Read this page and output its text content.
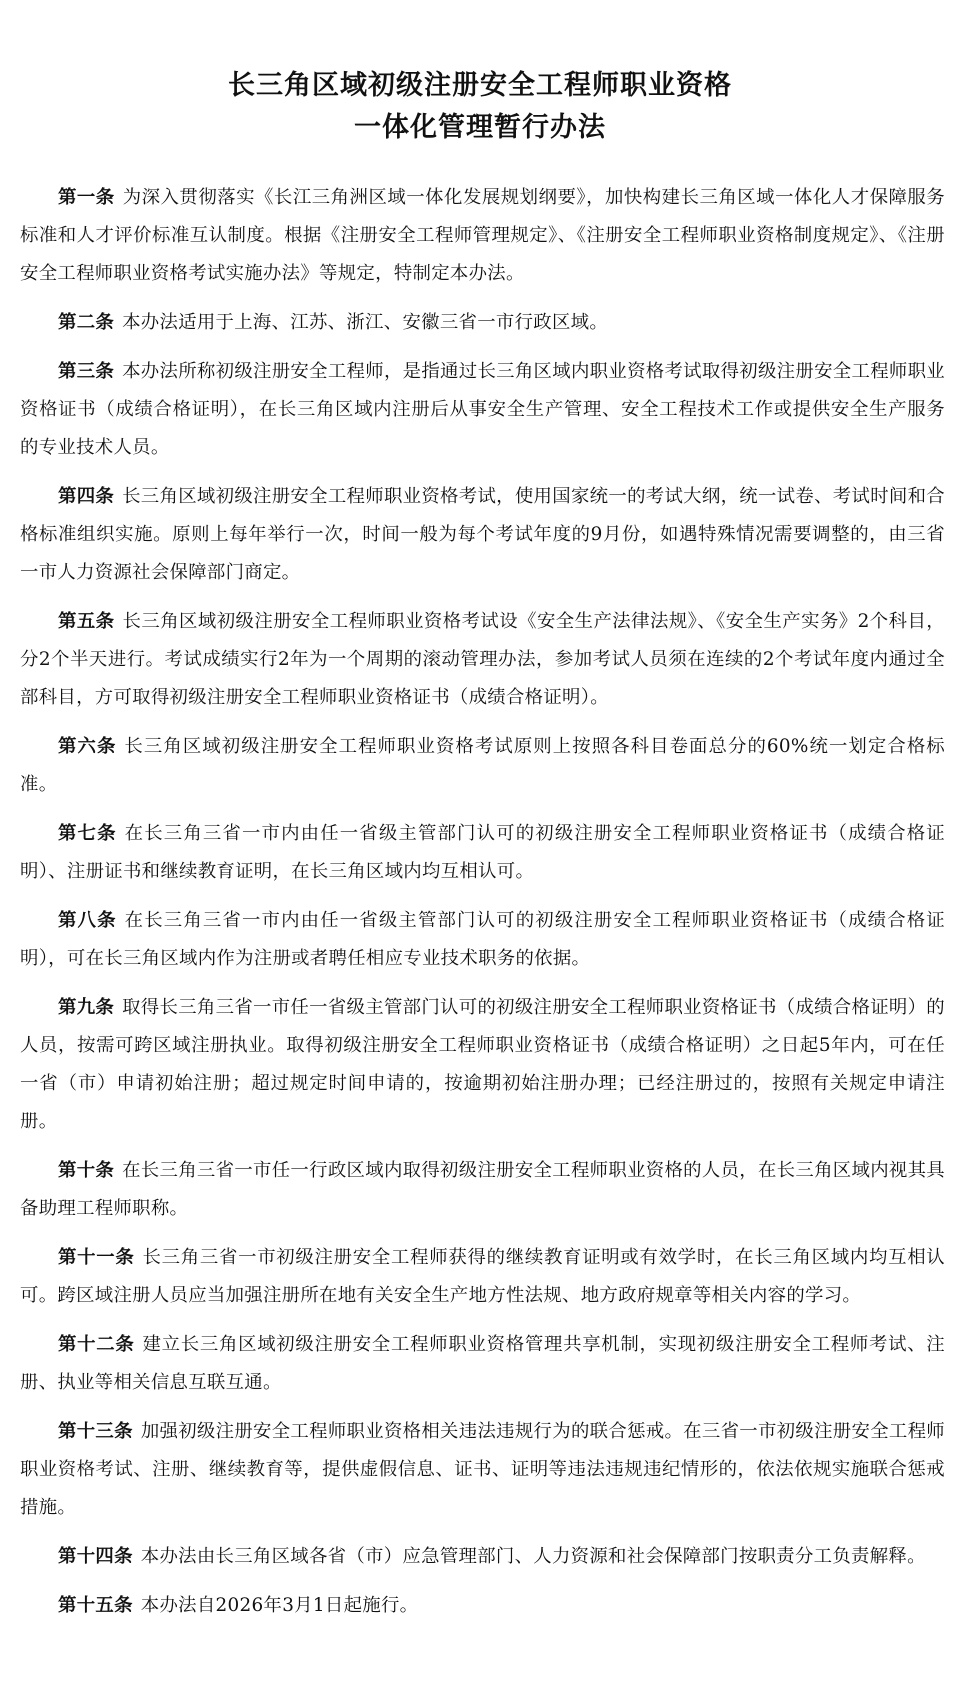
长三角区域初级注册安全工程师职业资格
一体化管理暂行办法

第一条 为深入贯彻落实《长江三角洲区域一体化发展规划纲要》，加快构建长三角区域一体化人才保障服务标准和人才评价标准互认制度。根据《注册安全工程师管理规定》、《注册安全工程师职业资格制度规定》、《注册安全工程师职业资格考试实施办法》等规定，特制定本办法。

第二条 本办法适用于上海、江苏、浙江、安徽三省一市行政区域。

第三条 本办法所称初级注册安全工程师，是指通过长三角区域内职业资格考试取得初级注册安全工程师职业资格证书（成绩合格证明），在长三角区域内注册后从事安全生产管理、安全工程技术工作或提供安全生产服务的专业技术人员。

第四条 长三角区域初级注册安全工程师职业资格考试，使用国家统一的考试大纲，统一试卷、考试时间和合格标准组织实施。原则上每年举行一次，时间一般为每个考试年度的9月份，如遇特殊情况需要调整的，由三省一市人力资源社会保障部门商定。

第五条 长三角区域初级注册安全工程师职业资格考试设《安全生产法律法规》、《安全生产实务》2个科目，分2个半天进行。考试成绩实行2年为一个周期的滚动管理办法，参加考试人员须在连续的2个考试年度内通过全部科目，方可取得初级注册安全工程师职业资格证书（成绩合格证明）。

第六条 长三角区域初级注册安全工程师职业资格考试原则上按照各科目卷面总分的60%统一划定合格标准。

第七条 在长三角三省一市内由任一省级主管部门认可的初级注册安全工程师职业资格证书（成绩合格证明）、注册证书和继续教育证明，在长三角区域内均互相认可。

第八条 在长三角三省一市内由任一省级主管部门认可的初级注册安全工程师职业资格证书（成绩合格证明），可在长三角区域内作为注册或者聘任相应专业技术职务的依据。

第九条 取得长三角三省一市任一省级主管部门认可的初级注册安全工程师职业资格证书（成绩合格证明）的人员，按需可跨区域注册执业。取得初级注册安全工程师职业资格证书（成绩合格证明）之日起5年内，可在任一省（市）申请初始注册；超过规定时间申请的，按逾期初始注册办理；已经注册过的，按照有关规定申请注册。

第十条 在长三角三省一市任一行政区域内取得初级注册安全工程师职业资格的人员，在长三角区域内视其具备助理工程师职称。

第十一条 长三角三省一市初级注册安全工程师获得的继续教育证明或有效学时，在长三角区域内均互相认可。跨区域注册人员应当加强注册所在地有关安全生产地方性法规、地方政府规章等相关内容的学习。

第十二条 建立长三角区域初级注册安全工程师职业资格管理共享机制，实现初级注册安全工程师考试、注册、执业等相关信息互联互通。

第十三条 加强初级注册安全工程师职业资格相关违法违规行为的联合惩戒。在三省一市初级注册安全工程师职业资格考试、注册、继续教育等，提供虚假信息、证书、证明等违法违规违纪情形的，依法依规实施联合惩戒措施。

第十四条 本办法由长三角区域各省（市）应急管理部门、人力资源和社会保障部门按职责分工负责解释。

第十五条 本办法自2026年3月1日起施行。
